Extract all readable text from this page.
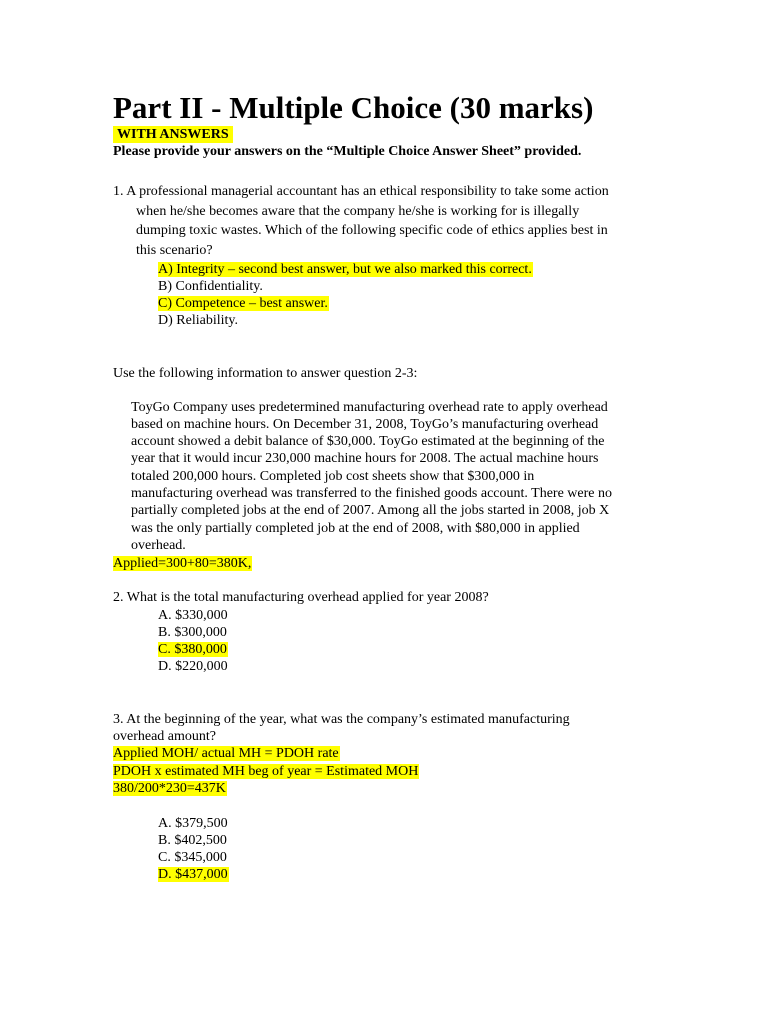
Part II - Multiple Choice (30 marks)
WITH ANSWERS
Please provide your answers on the “Multiple Choice Answer Sheet” provided.
1. A professional managerial accountant has an ethical responsibility to take some action
when he/she becomes aware that the company he/she is working for is illegally
dumping toxic wastes. Which of the following specific code of ethics applies best in
this scenario?
A) Integrity – second best answer, but we also marked this correct.
B) Confidentiality.
C) Competence – best answer.
D) Reliability.
Use the following information to answer question 2-3:
ToyGo Company uses predetermined manufacturing overhead rate to apply overhead
based on machine hours. On December 31, 2008, ToyGo’s manufacturing overhead
account showed a debit balance of $30,000. ToyGo estimated at the beginning of the
year that it would incur 230,000 machine hours for 2008. The actual machine hours
totaled 200,000 hours. Completed job cost sheets show that $300,000 in
manufacturing overhead was transferred to the finished goods account. There were no
partially completed jobs at the end of 2007. Among all the jobs started in 2008, job X
was the only partially completed job at the end of 2008, with $80,000 in applied
overhead.
Applied=300+80=380K,
2. What is the total manufacturing overhead applied for year 2008?
A. $330,000
B. $300,000
C. $380,000
D. $220,000
3. At the beginning of the year, what was the company’s estimated manufacturing
overhead amount?
Applied MOH/ actual MH = PDOH rate
PDOH x estimated MH beg of year = Estimated MOH
380/200*230=437K
A. $379,500
B. $402,500
C. $345,000
D. $437,000
